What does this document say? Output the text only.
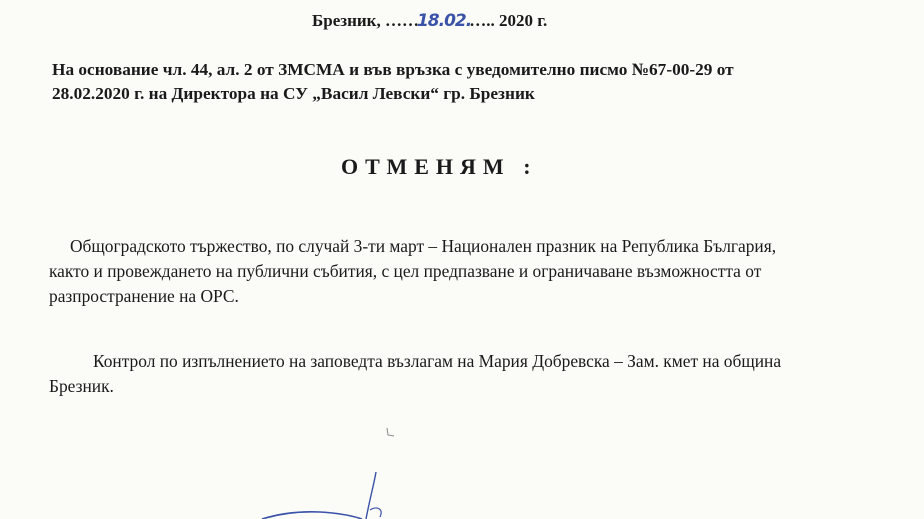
Брезник, ……18.02.….. 2020 г.
На основание чл. 44, ал. 2 от ЗМСМА и във връзка с уведомително писмо №67-00-29 от 28.02.2020 г. на Директора на СУ „Васил Левски“ гр. Брезник
ОТМЕНЯМ :
Общоградското тържество, по случай 3-ти март – Национален празник на Република България, както и провеждането на публични събития, с цел предпазване и ограничаване възможността от разпространение на ОРС.
Контрол по изпълнението на заповедта възлагам на Мария Добревска – Зам. кмет на община Брезник.
